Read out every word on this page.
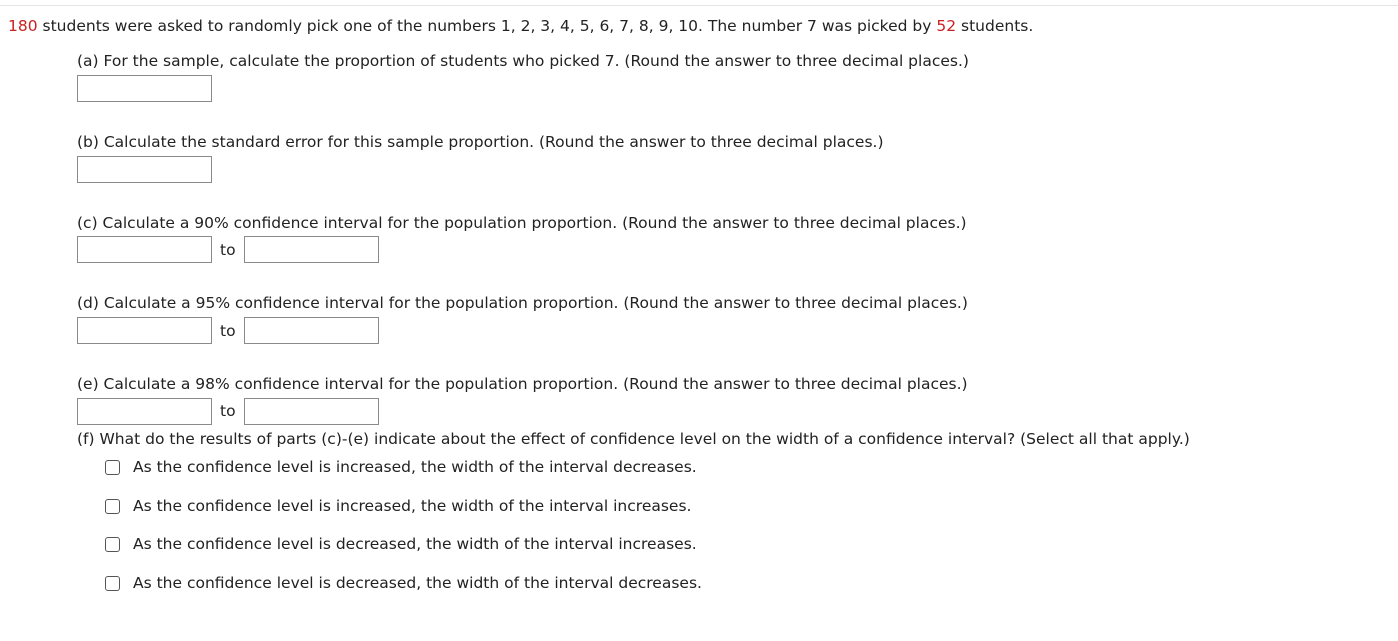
180 students were asked to randomly pick one of the numbers 1, 2, 3, 4, 5, 6, 7, 8, 9, 10. The number 7 was picked by 52 students.
(a) For the sample, calculate the proportion of students who picked 7. (Round the answer to three decimal places.)
(b) Calculate the standard error for this sample proportion. (Round the answer to three decimal places.)
(c) Calculate a 90% confidence interval for the population proportion. (Round the answer to three decimal places.)
to
(d) Calculate a 95% confidence interval for the population proportion. (Round the answer to three decimal places.)
to
(e) Calculate a 98% confidence interval for the population proportion. (Round the answer to three decimal places.)
to
(f) What do the results of parts (c)-(e) indicate about the effect of confidence level on the width of a confidence interval? (Select all that apply.)
As the confidence level is increased, the width of the interval decreases.
As the confidence level is increased, the width of the interval increases.
As the confidence level is decreased, the width of the interval increases.
As the confidence level is decreased, the width of the interval decreases.
